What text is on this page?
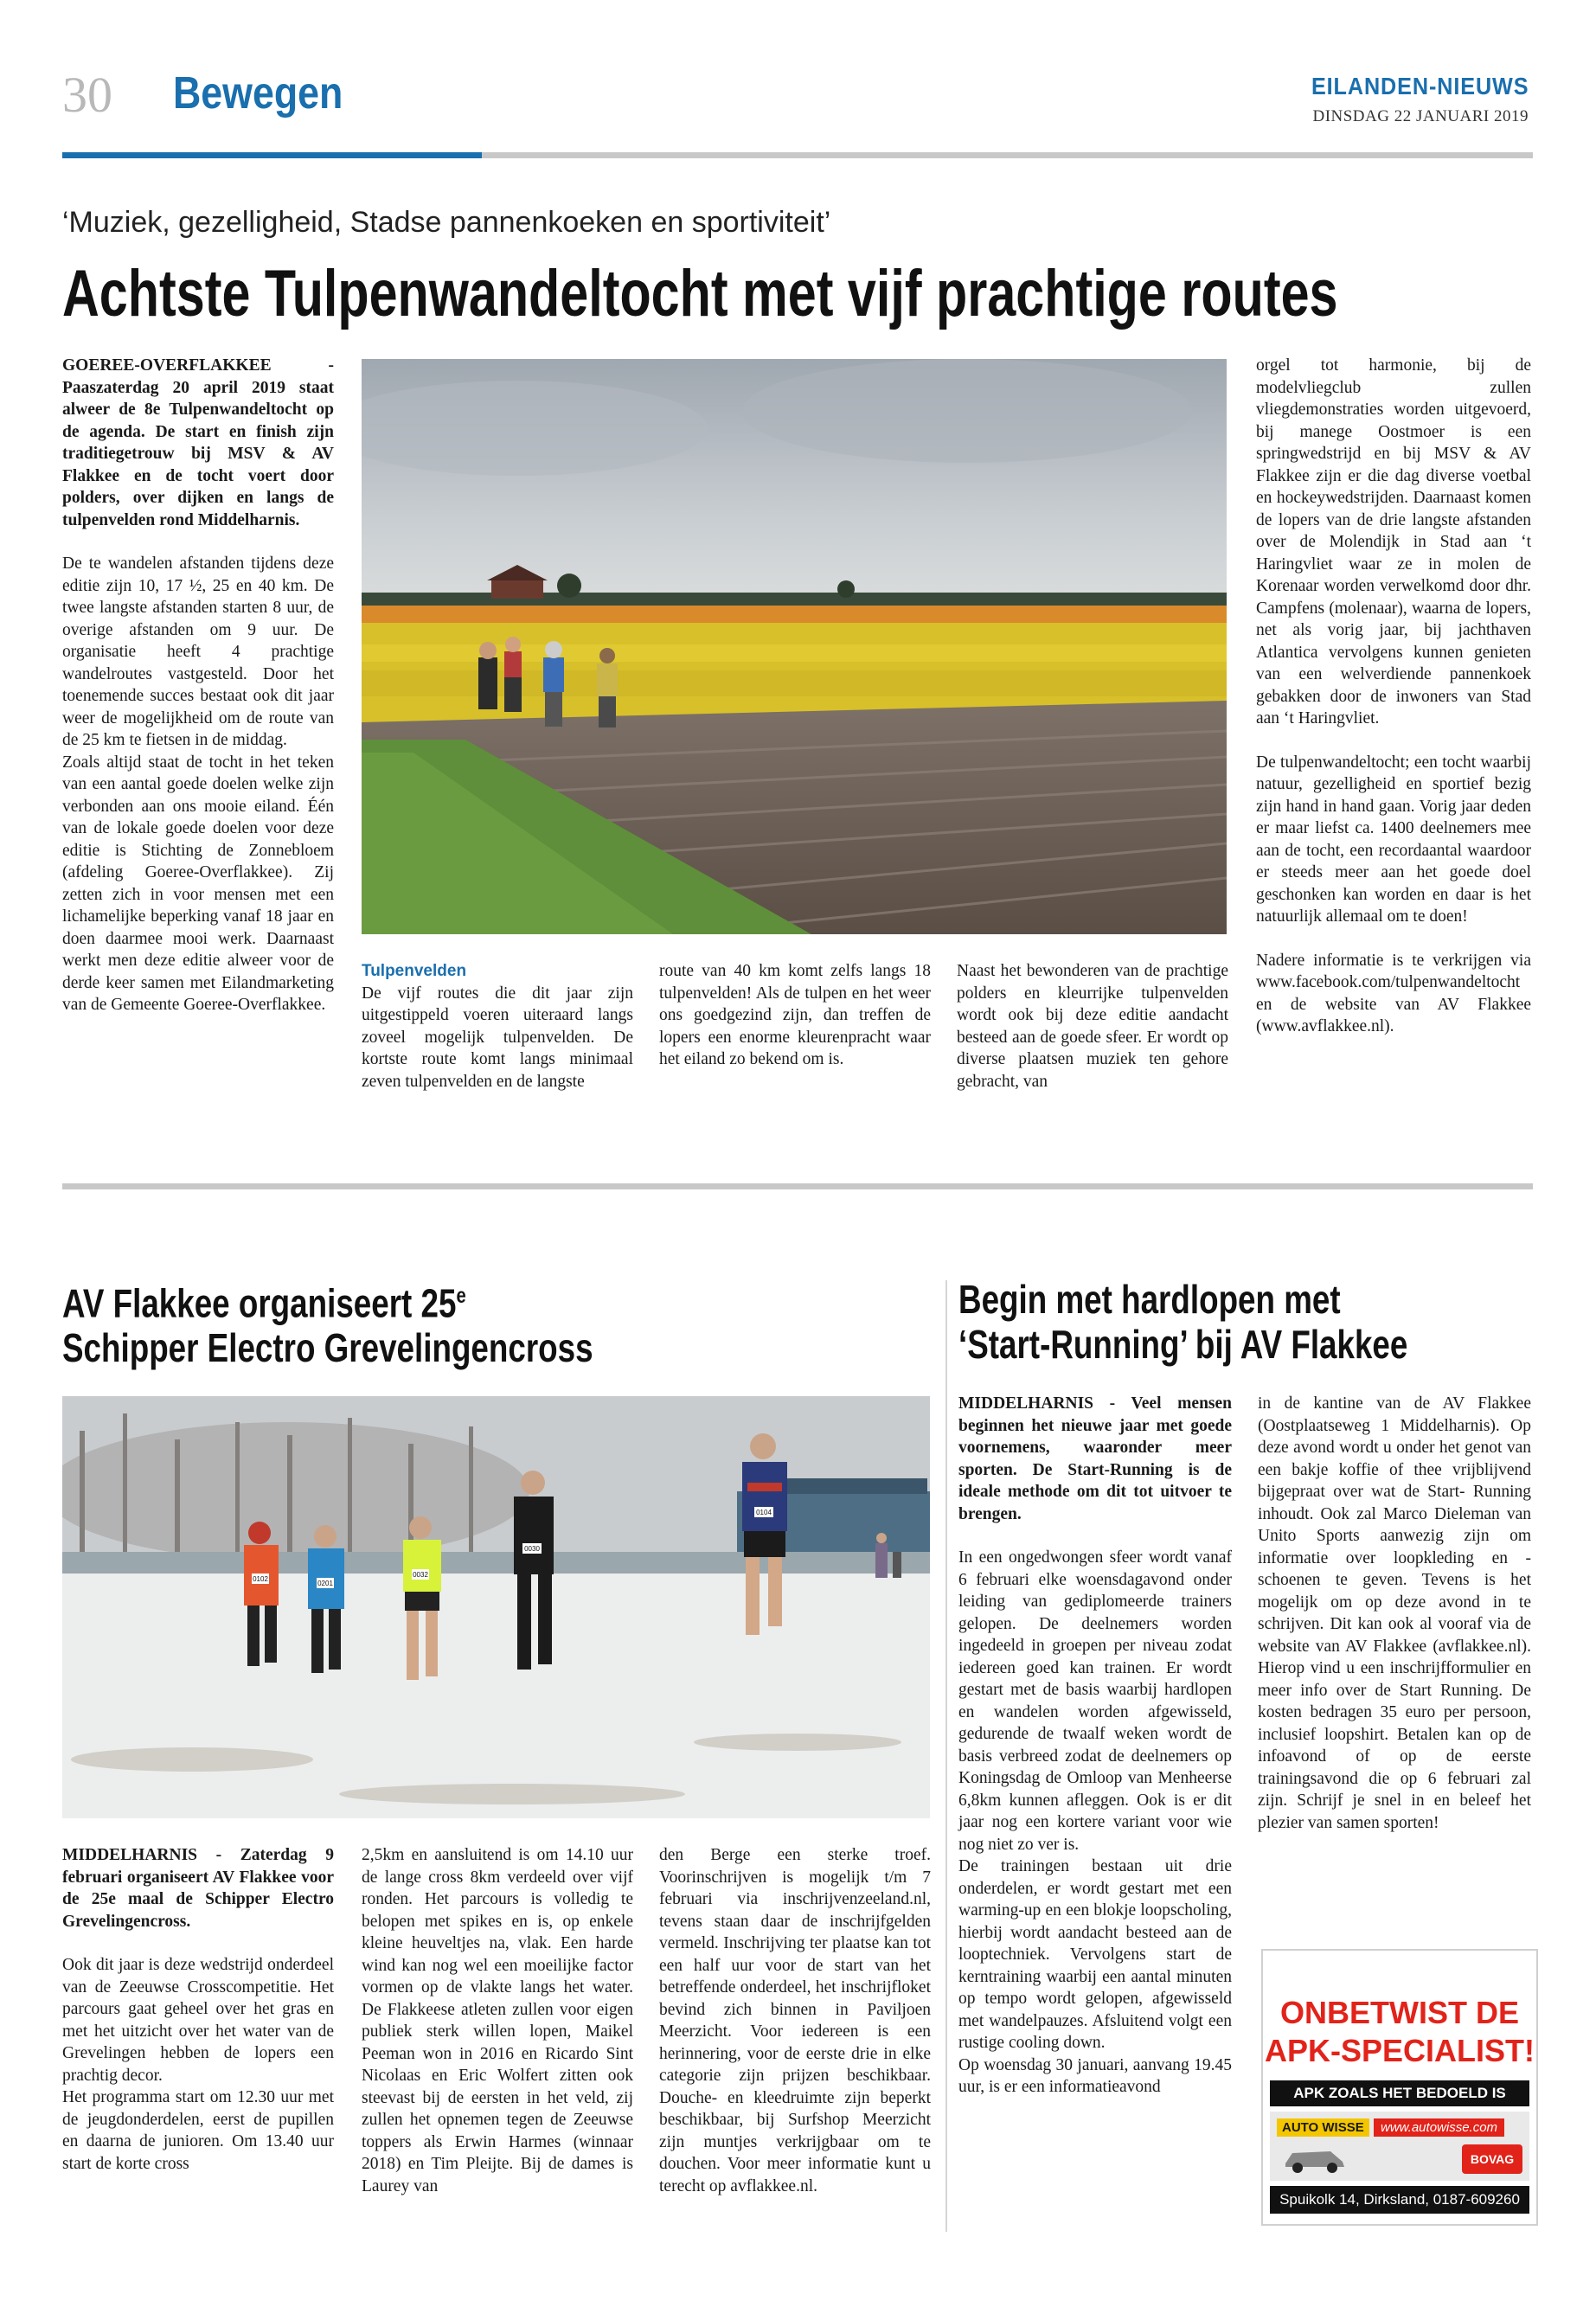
30 Bewegen	EILANDEN-NIEUWS
DINSDAG 22 JANUARI 2019
‘Muziek, gezelligheid, Stadse pannenkoeken en sportiviteit’
Achtste Tulpenwandeltocht met vijf prachtige routes

GOEREE-OVERFLAKKEE - Paaszaterdag 20 april 2019 staat alweer de 8e Tulpenwandeltocht op de agenda. De start en finish zijn traditiegetrouw bij MSV & AV Flakkee en de tocht voert door polders, over dijken en langs de tulpenvelden rond Middelharnis.

De te wandelen afstanden tijdens deze editie zijn 10, 17 ½, 25 en 40 km. De twee langste afstanden starten 8 uur, de overige afstanden om 9 uur. De organisatie heeft 4 prachtige wandelroutes vastgesteld. Door het toenemende succes bestaat ook dit jaar weer de mogelijkheid om de route van de 25 km te fietsen in de middag.

Zoals altijd staat de tocht in het teken van een aantal goede doelen welke zijn verbonden aan ons mooie eiland. Één van de lokale goede doelen voor deze editie is Stichting de Zonnebloem (afdeling Goeree-Overflakkee). Zij zetten zich in voor mensen met een lichamelijke beperking vanaf 18 jaar en doen daarmee mooi werk. Daarnaast werkt men deze editie alweer voor de derde keer samen met Eilandmarketing van de Gemeente Goeree-Overflakkee.

Tulpenvelden

De vijf routes die dit jaar zijn uitgestippeld voeren uiteraard langs zoveel mogelijk tulpenvelden. De kortste route komt langs minimaal zeven tulpenvelden en de langste

route van 40 km komt zelfs langs 18 tulpenvelden! Als de tulpen en het weer ons goedgezind zijn, dan treffen de lopers een enorme kleurenpracht waar het eiland zo bekend om is.

Naast het bewonderen van de prachtige polders en kleurrijke tulpenvelden wordt ook bij deze editie aandacht besteed aan de goede sfeer. Er wordt op diverse plaatsen muziek ten gehore gebracht, van

orgel tot harmonie, bij de modelvliegclub zullen vliegdemonstraties worden uitgevoerd, bij manege Oostmoer is een springwedstrijd en bij MSV & AV Flakkee zijn er die dag diverse voetbal en hockeywedstrijden. Daarnaast komen de lopers van de drie langste afstanden over de Molendijk in Stad aan ‘t Haringvliet waar ze in molen de Korenaar worden verwelkomd door dhr. Campfens (molenaar), waarna de lopers, net als vorig jaar, bij jachthaven Atlantica vervolgens kunnen genieten van een welverdiende pannenkoek gebakken door de inwoners van Stad aan ‘t Haringvliet.

De tulpenwandeltocht; een tocht waarbij natuur, gezelligheid en sportief bezig zijn hand in hand gaan. Vorig jaar deden er maar liefst ca. 1400 deelnemers mee aan de tocht, een recordaantal waardoor er steeds meer aan het goede doel geschonken kan worden en daar is het natuurlijk allemaal om te doen!

Nadere informatie is te verkrijgen via www.facebook.com/tulpenwandeltocht en de website van AV Flakkee (www.avflakkee.nl).

AV Flakkee organiseert 25e
Schipper Electro Grevelingencross
0102
0201
0032
0030
0104

MIDDELHARNIS - Zaterdag 9 februari organiseert AV Flakkee voor de 25e maal de Schipper Electro Grevelingencross.

Ook dit jaar is deze wedstrijd onderdeel van de Zeeuwse Crosscompetitie. Het parcours gaat geheel over het gras en met het uitzicht over het water van de Grevelingen hebben de lopers een prachtig decor.
Het programma start om 12.30 uur met de jeugdonderdelen, eerst de pupillen en daarna de junioren. Om 13.40 uur start de korte cross

2,5km en aansluitend is om 14.10 uur de lange cross 8km verdeeld over vijf ronden. Het parcours is volledig te belopen met spikes en is, op enkele kleine heuveltjes na, vlak. Een harde wind kan nog wel een moeilijke factor vormen op de vlakte langs het water. De Flakkeese atleten zullen voor eigen publiek sterk willen lopen, Maikel Peeman won in 2016 en Ricardo Sint Nicolaas en Eric Wolfert zitten ook steevast bij de eersten in het veld, zij zullen het opnemen tegen de Zeeuwse toppers als Erwin Harmes (winnaar 2018) en Tim Pleijte. Bij de dames is Laurey van

den Berge een sterke troef. Voorinschrijven is mogelijk t/m 7 februari via inschrijvenzeeland.nl, tevens staan daar de inschrijfgelden vermeld. Inschrijving ter plaatse kan tot een half uur voor de start van het betreffende onderdeel, het inschrijfloket bevind zich binnen in Paviljoen Meerzicht. Voor iedereen is een herinnering, voor de eerste drie in elke categorie zijn prijzen beschikbaar. Douche- en kleedruimte zijn beperkt beschikbaar, bij Surfshop Meerzicht zijn muntjes verkrijgbaar om te douchen. Voor meer informatie kunt u terecht op avflakkee.nl.

Begin met hardlopen met
‘Start-Running’ bij AV Flakkee

MIDDELHARNIS - Veel mensen beginnen het nieuwe jaar met goede voornemens, waaronder meer sporten. De Start-Running is de ideale methode om dit tot uitvoer te brengen.

In een ongedwongen sfeer wordt vanaf 6 februari elke woensdagavond onder leiding van gediplomeerde trainers gelopen. De deelnemers worden ingedeeld in groepen per niveau zodat iedereen goed kan trainen. Er wordt gestart met de basis waarbij hardlopen en wandelen worden afgewisseld, gedurende de twaalf weken wordt de basis verbreed zodat de deelnemers op Koningsdag de Omloop van Menheerse 6,8km kunnen afleggen. Ook is er dit jaar nog een kortere variant voor wie nog niet zo ver is.
De trainingen bestaan uit drie onderdelen, er wordt gestart met een warming-up en een blokje loopscholing, hierbij wordt aandacht besteed aan de looptechniek. Vervolgens start de kerntraining waarbij een aantal minuten op tempo wordt gelopen, afgewisseld met wandelpauzes. Afsluitend volgt een rustige cooling down.
Op woensdag 30 januari, aanvang 19.45 uur, is er een informatieavond

in de kantine van de AV Flakkee (Oostplaatseweg 1 Middelharnis). Op deze avond wordt u onder het genot van een bakje koffie of thee vrijblijvend bijgepraat over wat de Start- Running inhoudt. Ook zal Marco Dieleman van Unito Sports aanwezig zijn om informatie over loopkleding en -schoenen te geven. Tevens is het mogelijk om op deze avond in te schrijven. Dit kan ook al vooraf via de website van AV Flakkee (avflakkee.nl). Hierop vind u een inschrijfformulier en meer info over de Start Running. De kosten bedragen 35 euro per persoon, inclusief loopshirt. Betalen kan op de infoavond of op de eerste trainingsavond die op 6 februari zal zijn. Schrijf je snel in en beleef het plezier van samen sporten!

ONBETWIST DE APK-SPECIALIST!
APK ZOALS HET BEDOELD IS
AUTO WISSE	www.autowisse.com
BOVAG
Spuikolk 14, Dirksland, 0187-609260
